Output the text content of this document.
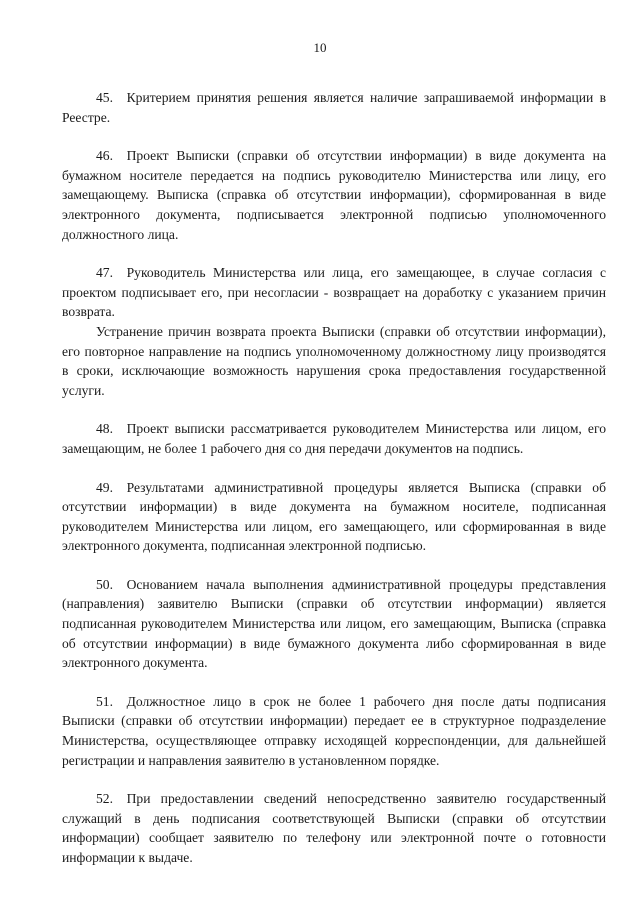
10

45. Критерием принятия решения является наличие запрашиваемой информации в Реестре.

46. Проект Выписки (справки об отсутствии информации) в виде документа на бумажном носителе передается на подпись руководителю Министерства или лицу, его замещающему. Выписка (справка об отсутствии информации), сформированная в виде электронного документа, подписывается электронной подписью уполномоченного должностного лица.

47. Руководитель Министерства или лица, его замещающее, в случае согласия с проектом подписывает его, при несогласии - возвращает на доработку с указанием причин возврата.

Устранение причин возврата проекта Выписки (справки об отсутствии информации), его повторное направление на подпись уполномоченному должностному лицу производятся в сроки, исключающие возможность нарушения срока предоставления государственной услуги.

48. Проект выписки рассматривается руководителем Министерства или лицом, его замещающим, не более 1 рабочего дня со дня передачи документов на подпись.

49. Результатами административной процедуры является Выписка (справки об отсутствии информации) в виде документа на бумажном носителе, подписанная руководителем Министерства или лицом, его замещающего, или сформированная в виде электронного документа, подписанная электронной подписью.

50. Основанием начала выполнения административной процедуры представления (направления) заявителю Выписки (справки об отсутствии информации) является подписанная руководителем Министерства или лицом, его замещающим, Выписка (справка об отсутствии информации) в виде бумажного документа либо сформированная в виде электронного документа.

51. Должностное лицо в срок не более 1 рабочего дня после даты подписания Выписки (справки об отсутствии информации) передает ее в структурное подразделение Министерства, осуществляющее отправку исходящей корреспонденции, для дальнейшей регистрации и направления заявителю в установленном порядке.

52. При предоставлении сведений непосредственно заявителю государственный служащий в день подписания соответствующей Выписки (справки об отсутствии информации) сообщает заявителю по телефону или электронной почте о готовности информации к выдаче.
